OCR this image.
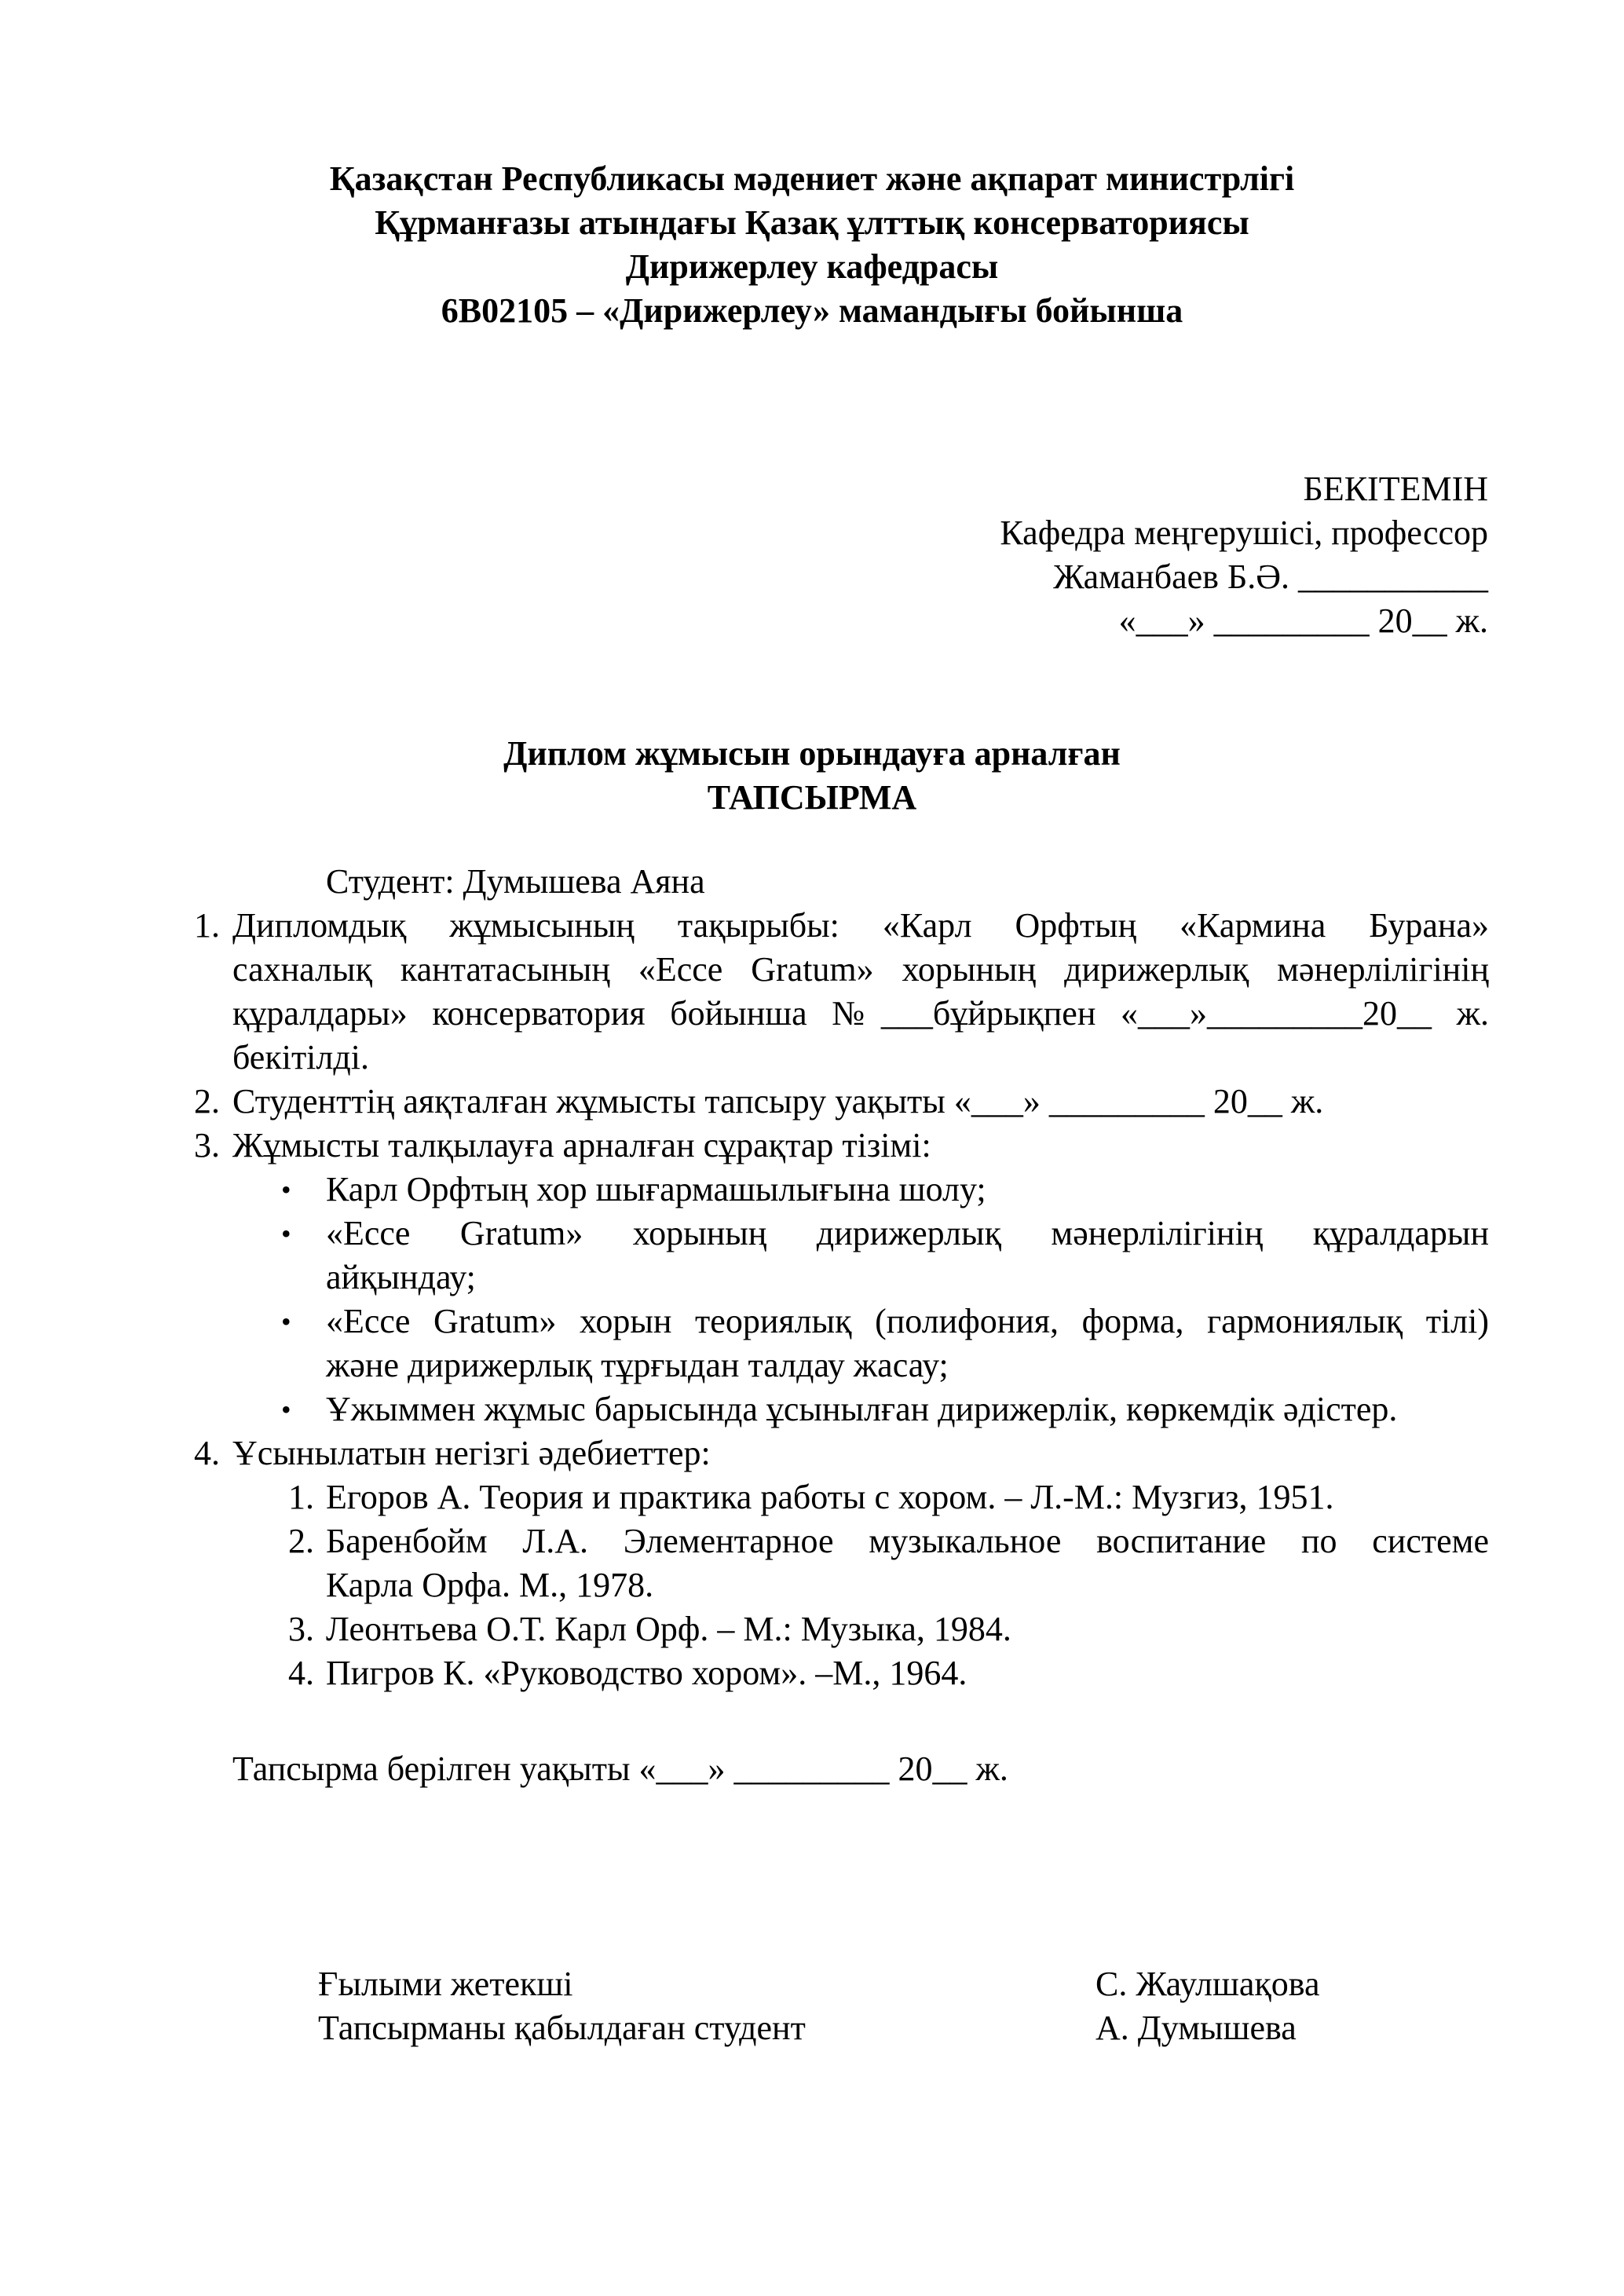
Қазақстан Республикасы мәдениет және ақпарат министрлігі
Құрманғазы атындағы Қазақ ұлттық консерваториясы
Дирижерлеу кафедрасы
6В02105 – «Дирижерлеу» мамандығы бойынша
БЕКІТЕМІН
Кафедра меңгерушісі, профессор
Жаманбаев Б.Ә. ___________
«___» _________ 20__ ж.
Диплом жұмысын орындауға арналған
ТАПСЫРМА
Студент: Думышева Аяна
1. Дипломдық жұмысының тақырыбы: «Карл Орфтың «Кармина Бурана»
сахналық кантатасының «Ecce Gratum» хорының дирижерлық мәнерлілігінің
құралдары» консерватория бойынша №___бұйрықпен «___»_________20__ ж.
бекітілді.
2. Студенттің аяқталған жұмысты тапсыру уақыты «___» _________ 20__ ж.
3. Жұмысты талқылауға арналған сұрақтар тізімі:
• Карл Орфтың хор шығармашылығына шолу;
• «Ecce Gratum» хорының дирижерлық мәнерлілігінің құралдарын
айқындау;
• «Ecce Gratum» хорын теориялық (полифония, форма, гармониялық тілі)
және дирижерлық тұрғыдан талдау жасау;
• Ұжыммен жұмыс барысында ұсынылған дирижерлік, көркемдік әдістер.
4. Ұсынылатын негізгі әдебиеттер:
1. Егоров А. Теория и практика работы с хором. – Л.-М.: Музгиз, 1951.
2. Баренбойм Л.А. Элементарное музыкальное воспитание по системе
Карла Орфа. М., 1978.
3. Леонтьева О.Т. Карл Орф. – М.: Музыка, 1984.
4. Пигров К. «Руководство хором». –М., 1964.
Тапсырма берілген уақыты «___» _________ 20__ ж.
Ғылыми жетекші	С. Жаулшақова
Тапсырманы қабылдаған студент	А. Думышева
